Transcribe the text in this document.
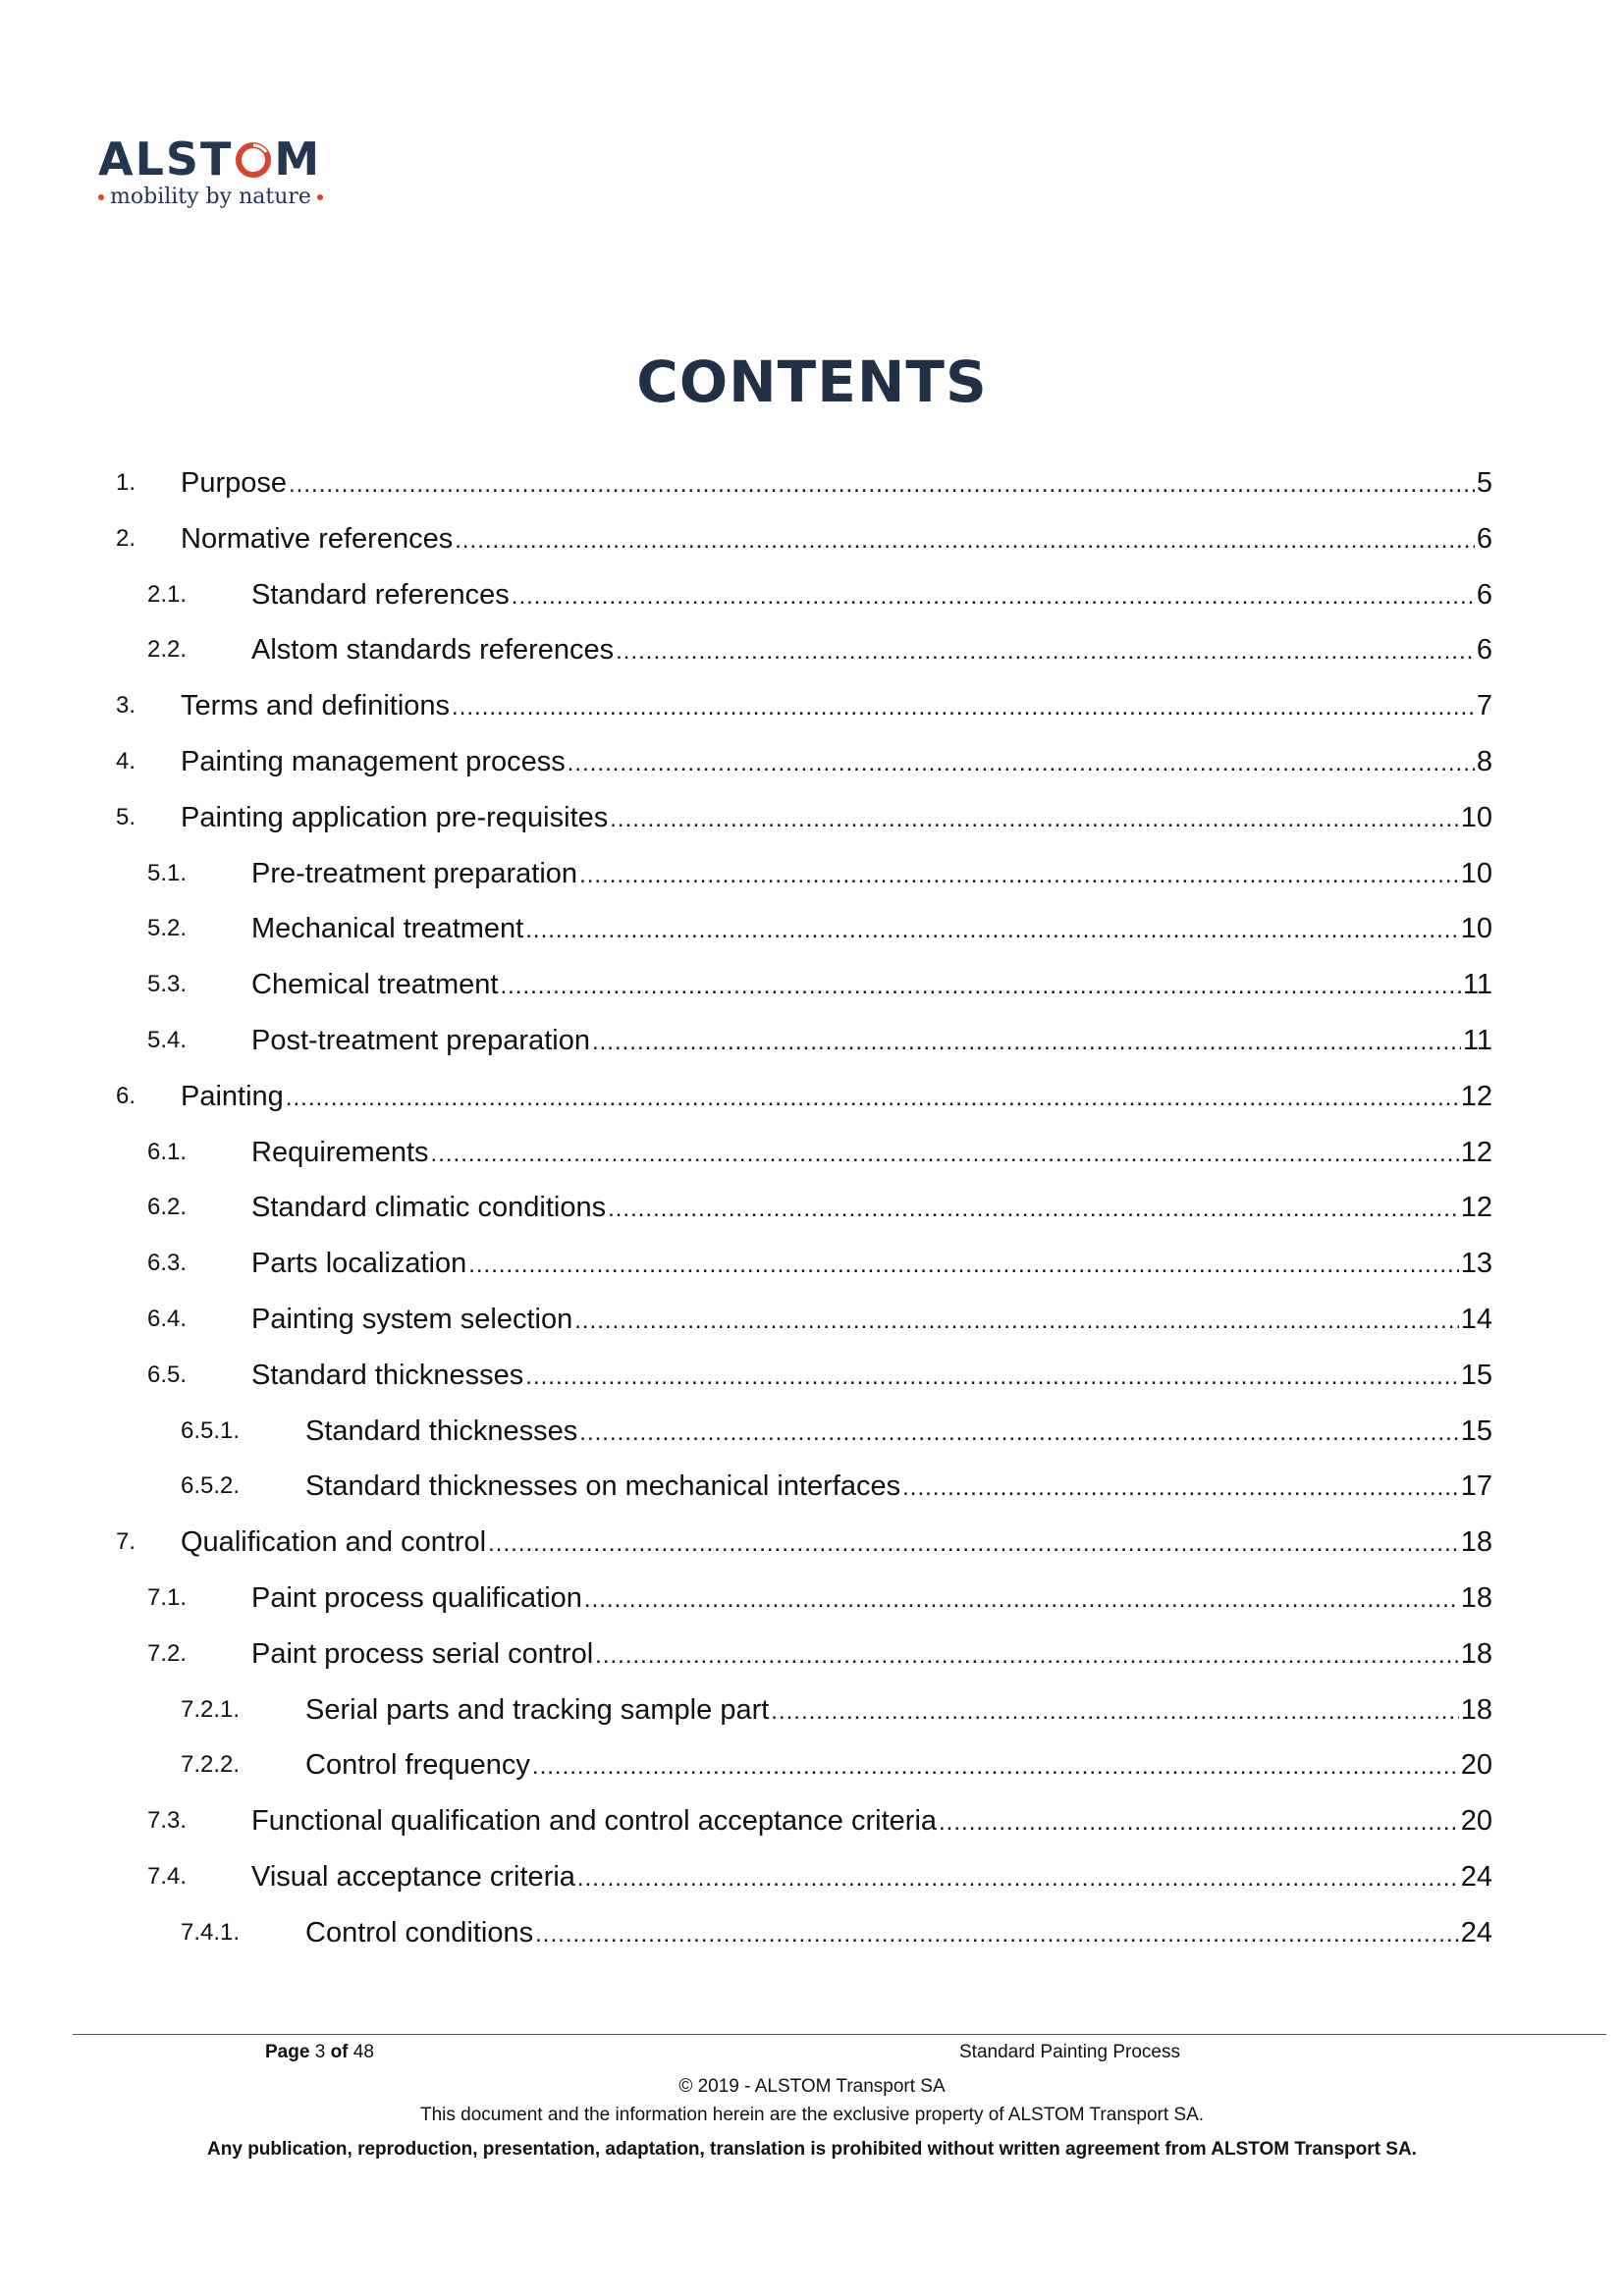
ALST M
mobility by nature
CONTENTS
1. Purpose .....	5
2. Normative references .....	6
2.1. Standard references .....	6
2.2. Alstom standards references .....	6
3. Terms and definitions .....	7
4. Painting management process .....	8
5. Painting application pre-requisites .....	10
5.1. Pre-treatment preparation .....	10
5.2. Mechanical treatment .....	10
5.3. Chemical treatment .....	11
5.4. Post-treatment preparation .....	11
6. Painting .....	12
6.1. Requirements .....	12
6.2. Standard climatic conditions .....	12
6.3. Parts localization .....	13
6.4. Painting system selection .....	14
6.5. Standard thicknesses .....	15
6.5.1. Standard thicknesses .....	15
6.5.2. Standard thicknesses on mechanical interfaces .....	17
7. Qualification and control .....	18
7.1. Paint process qualification .....	18
7.2. Paint process serial control .....	18
7.2.1. Serial parts and tracking sample part .....	18
7.2.2. Control frequency .....	20
7.3. Functional qualification and control acceptance criteria .....	20
7.4. Visual acceptance criteria .....	24
7.4.1. Control conditions .....	24
Page 3 of 48	Standard Painting Process
© 2019 - ALSTOM Transport SA
This document and the information herein are the exclusive property of ALSTOM Transport SA.
Any publication, reproduction, presentation, adaptation, translation is prohibited without written agreement from ALSTOM Transport SA.
